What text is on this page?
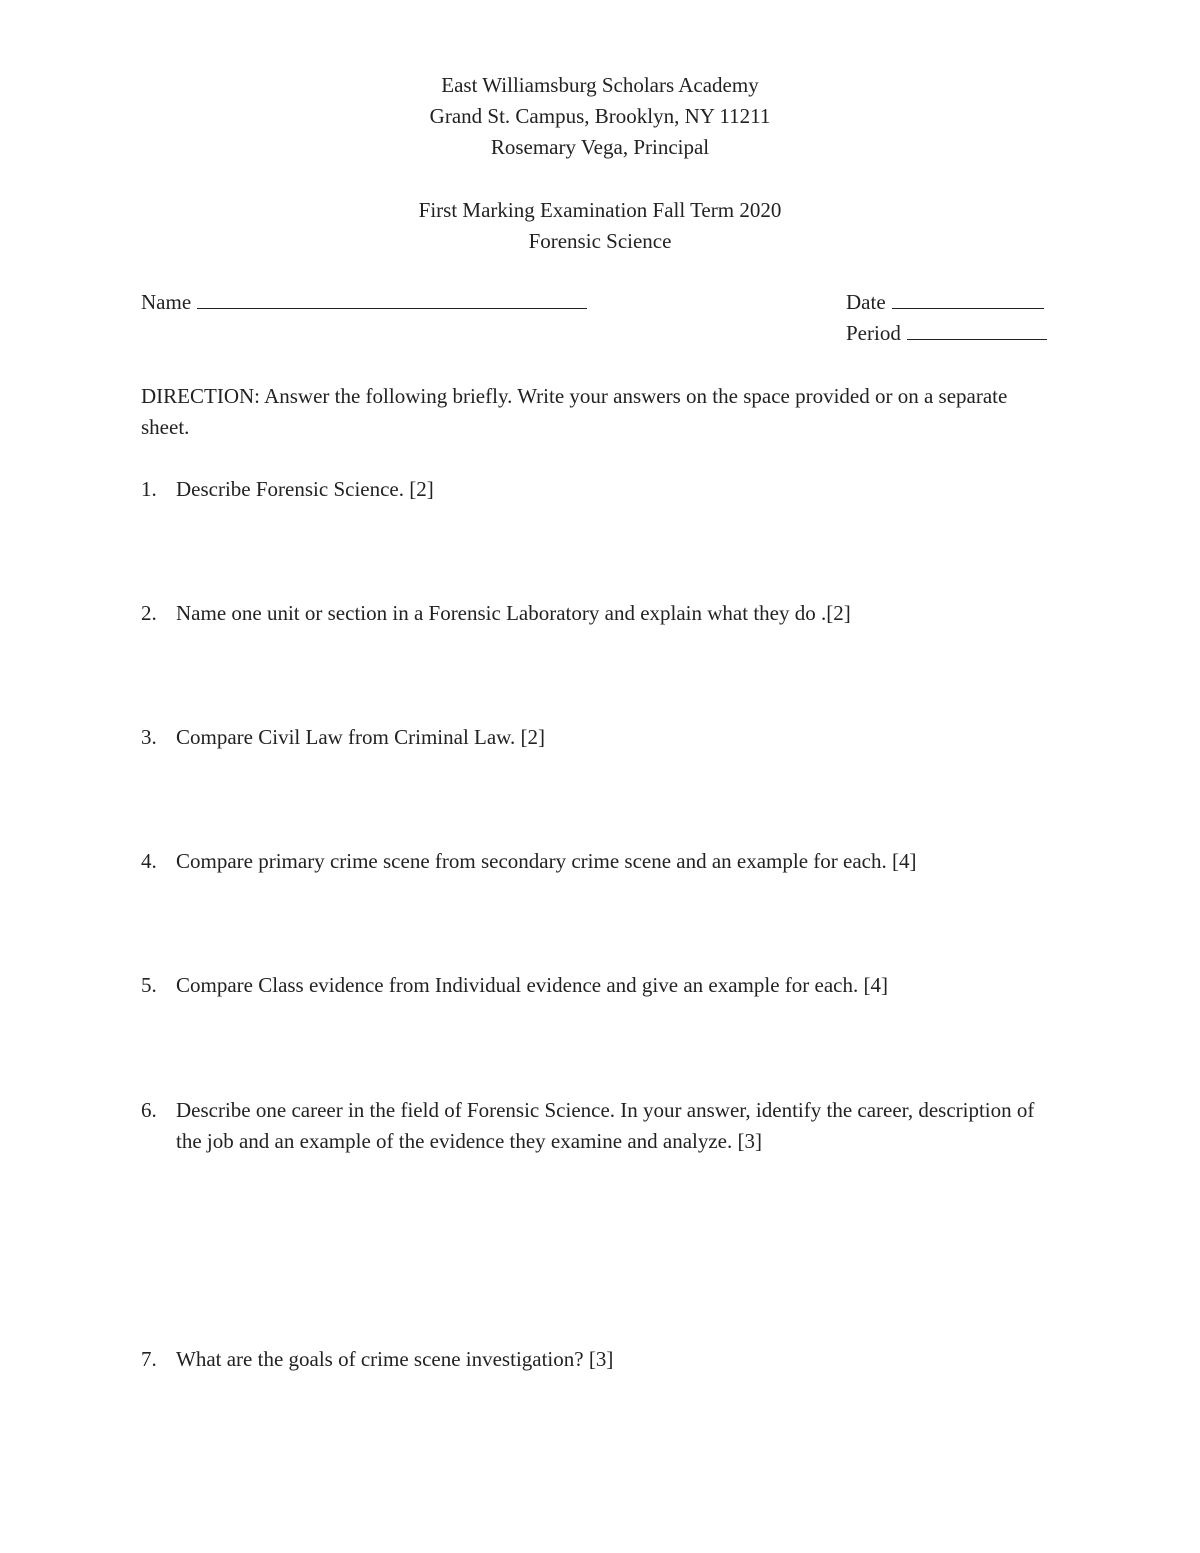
East Williamsburg Scholars Academy
Grand St. Campus, Brooklyn, NY 11211
Rosemary Vega, Principal
First Marking Examination Fall Term 2020
Forensic Science
Name	Date
Period
DIRECTION: Answer the following briefly. Write your answers on the space provided or on a separate sheet.
1. Describe Forensic Science. [2]
2. Name one unit or section in a Forensic Laboratory and explain what they do .[2]
3. Compare Civil Law from Criminal Law. [2]
4. Compare primary crime scene from secondary crime scene and an example for each. [4]
5. Compare Class evidence from Individual evidence and give an example for each. [4]
6. Describe one career in the field of Forensic Science. In your answer, identify the career, description of the job and an example of the evidence they examine and analyze. [3]
7. What are the goals of crime scene investigation? [3]
